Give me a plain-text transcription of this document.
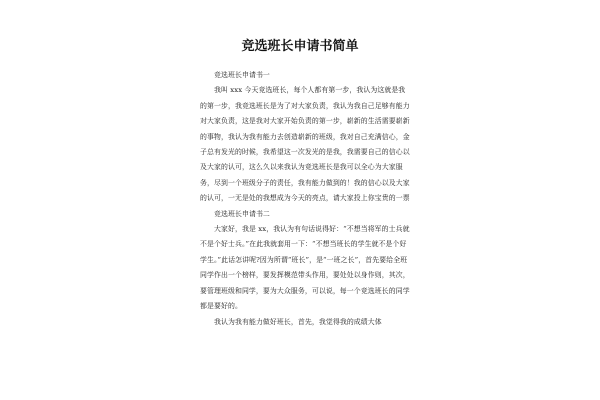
竞选班长申请书简单

竞选班长申请书一

我叫 xxx 今天竞选班长，每个人都有第一步，我认为这就是我的第一步，我竞选班长是为了对大家负责，我认为我自己足够有能力对大家负责，这是我对大家开始负责的第一步，崭新的生活需要崭新的事物，我认为我有能力去创造崭新的班级，我对自己充满信心，金子总有发光的时候，我希望这一次发光的是我，我需要自己的信心以及大家的认可，这么久以来我认为竞选班长是我可以全心为大家服务，尽到一个班级分子的责任，我有能力做到的！我的信心以及大家的认可，一无是处的我想成为今天的亮点，请大家投上你宝贵的一票

竞选班长申请书二

大家好，我是 xx，我认为有句话说得好：“不想当将军的士兵就不是个好士兵。”在此我就套用一下：“不想当班长的学生就不是个好学生。”此话怎讲呢?因为所谓“班长”，是“一班之长”，首先要给全班同学作出一个榜样，要发挥模范带头作用，要处处以身作则，其次，要管理班级和同学，要为大众服务，可以说，每一个竞选班长的同学都是要好的。

我认为我有能力做好班长，首先，我觉得我的成绩大体
